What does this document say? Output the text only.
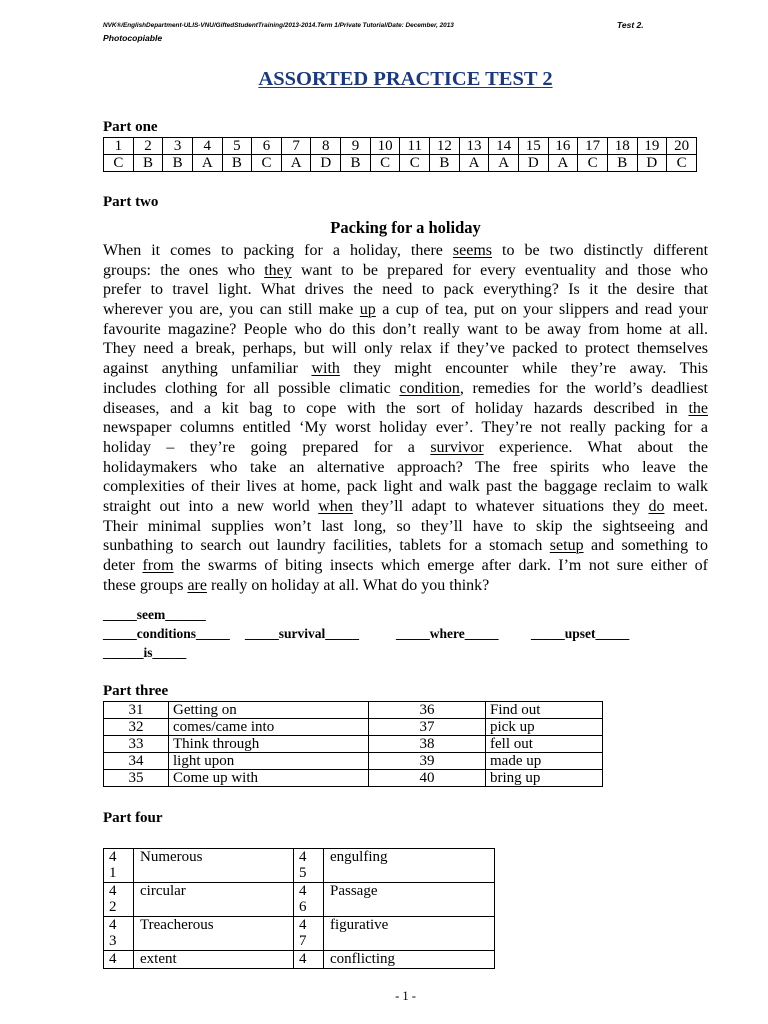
NVK®/EnglishDepartment-ULIS-VNU/GiftedStudentTraining/2013-2014.Term 1/Private Tutorial/Date: December, 2013	Test 2.
Photocopiable
ASSORTED PRACTICE TEST 2
Part one
1	2	3	4	5	6	7	8	9	10	11	12	13	14	15	16	17	18	19	20
C	B	B	A	B	C	A	D	B	C	C	B	A	A	D	A	C	B	D	C
Part two
Packing for a holiday
When it comes to packing for a holiday, there seems to be two distinctly different
groups: the ones who they want to be prepared for every eventuality and those who
prefer to travel light. What drives the need to pack everything? Is it the desire that
wherever you are, you can still make up a cup of tea, put on your slippers and read your
favourite magazine? People who do this don’t really want to be away from home at all.
They need a break, perhaps, but will only relax if they’ve packed to protect themselves
against anything unfamiliar with they might encounter while they’re away. This
includes clothing for all possible climatic condition, remedies for the world’s deadliest
diseases, and a kit bag to cope with the sort of holiday hazards described in the
newspaper columns entitled ‘My worst holiday ever’. They’re not really packing for a
holiday – they’re going prepared for a survivor experience. What about the
holidaymakers who take an alternative approach? The free spirits who leave the
complexities of their lives at home, pack light and walk past the baggage reclaim to walk
straight out into a new world when they’ll adapt to whatever situations they do meet.
Their minimal supplies won’t last long, so they’ll have to skip the sightseeing and
sunbathing to search out laundry facilities, tablets for a stomach setup and something to
deter from the swarms of biting insects which emerge after dark. I’m not sure either of
these groups are really on holiday at all. What do you think?
_____seem______
_____conditions_____	_____survival_____	_____where_____	_____upset_____
______is_____
Part three
31	Getting on	36	Find out
32	comes/came into	37	pick up
33	Think through	38	fell out
34	light upon	39	made up
35	Come up with	40	bring up
Part four
41	Numerous	45	engulfing

42	circular	46	Passage

43	Treacherous	47	figurative

4	extent	4	conflicting
- 1 -
